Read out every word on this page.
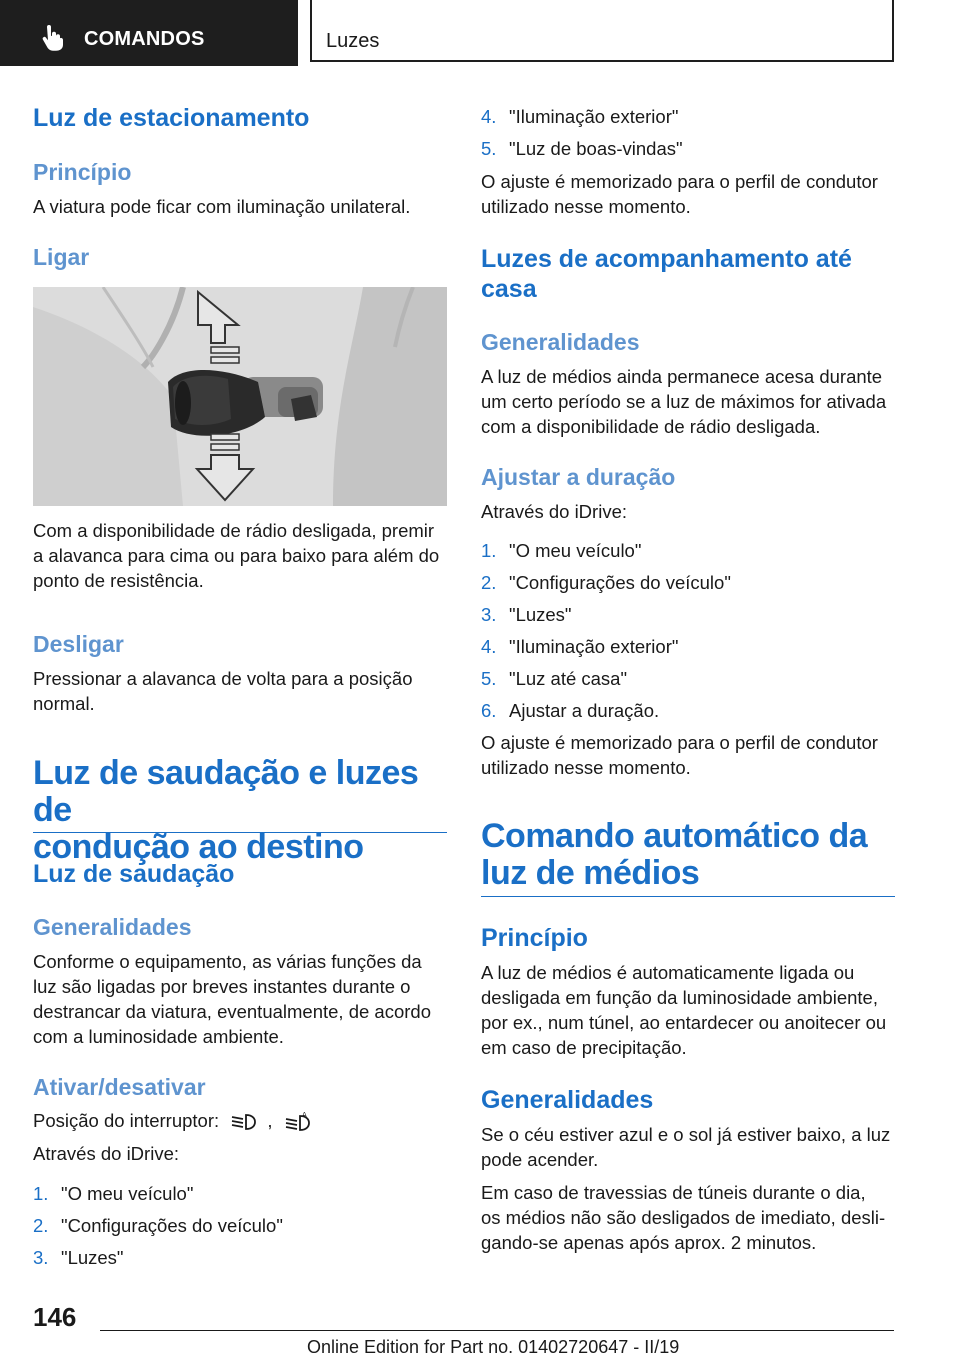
COMANDOS	Luzes
Luz de estacionamento
Princípio
A viatura pode ficar com iluminação unilateral.
Ligar
Com a disponibilidade de rádio desligada, premir
a alavanca para cima ou para baixo para além do
ponto de resistência.
Desligar
Pressionar a alavanca de volta para a posição
normal.
Luz de saudação e luzes de
condução ao destino
Luz de saudação
Generalidades
Conforme o equipamento, as várias funções da
luz são ligadas por breves instantes durante o
destrancar da viatura, eventualmente, de acordo
com a luminosidade ambiente.
Ativar/desativar
Posição do interruptor:	,	A
Através do iDrive:
1. "O meu veículo"
2. "Configurações do veículo"
3. "Luzes"
4. "Iluminação exterior"
5. "Luz de boas-vindas"
O ajuste é memorizado para o perfil de condutor
utilizado nesse momento.
Luzes de acompanhamento até
casa
Generalidades
A luz de médios ainda permanece acesa durante
um certo período se a luz de máximos for ativada
com a disponibilidade de rádio desligada.
Ajustar a duração
Através do iDrive:
1. "O meu veículo"
2. "Configurações do veículo"
3. "Luzes"
4. "Iluminação exterior"
5. "Luz até casa"
6. Ajustar a duração.
O ajuste é memorizado para o perfil de condutor
utilizado nesse momento.
Comando automático da
luz de médios
Princípio
A luz de médios é automaticamente ligada ou
desligada em função da luminosidade ambiente,
por ex., num túnel, ao entardecer ou anoitecer ou
em caso de precipitação.
Generalidades
Se o céu estiver azul e o sol já estiver baixo, a luz
pode acender.
Em caso de travessias de túneis durante o dia,
os médios não são desligados de imediato, desli-
gando-se apenas após aprox. 2 minutos.
146
Online Edition for Part no. 01402720647 - II/19
